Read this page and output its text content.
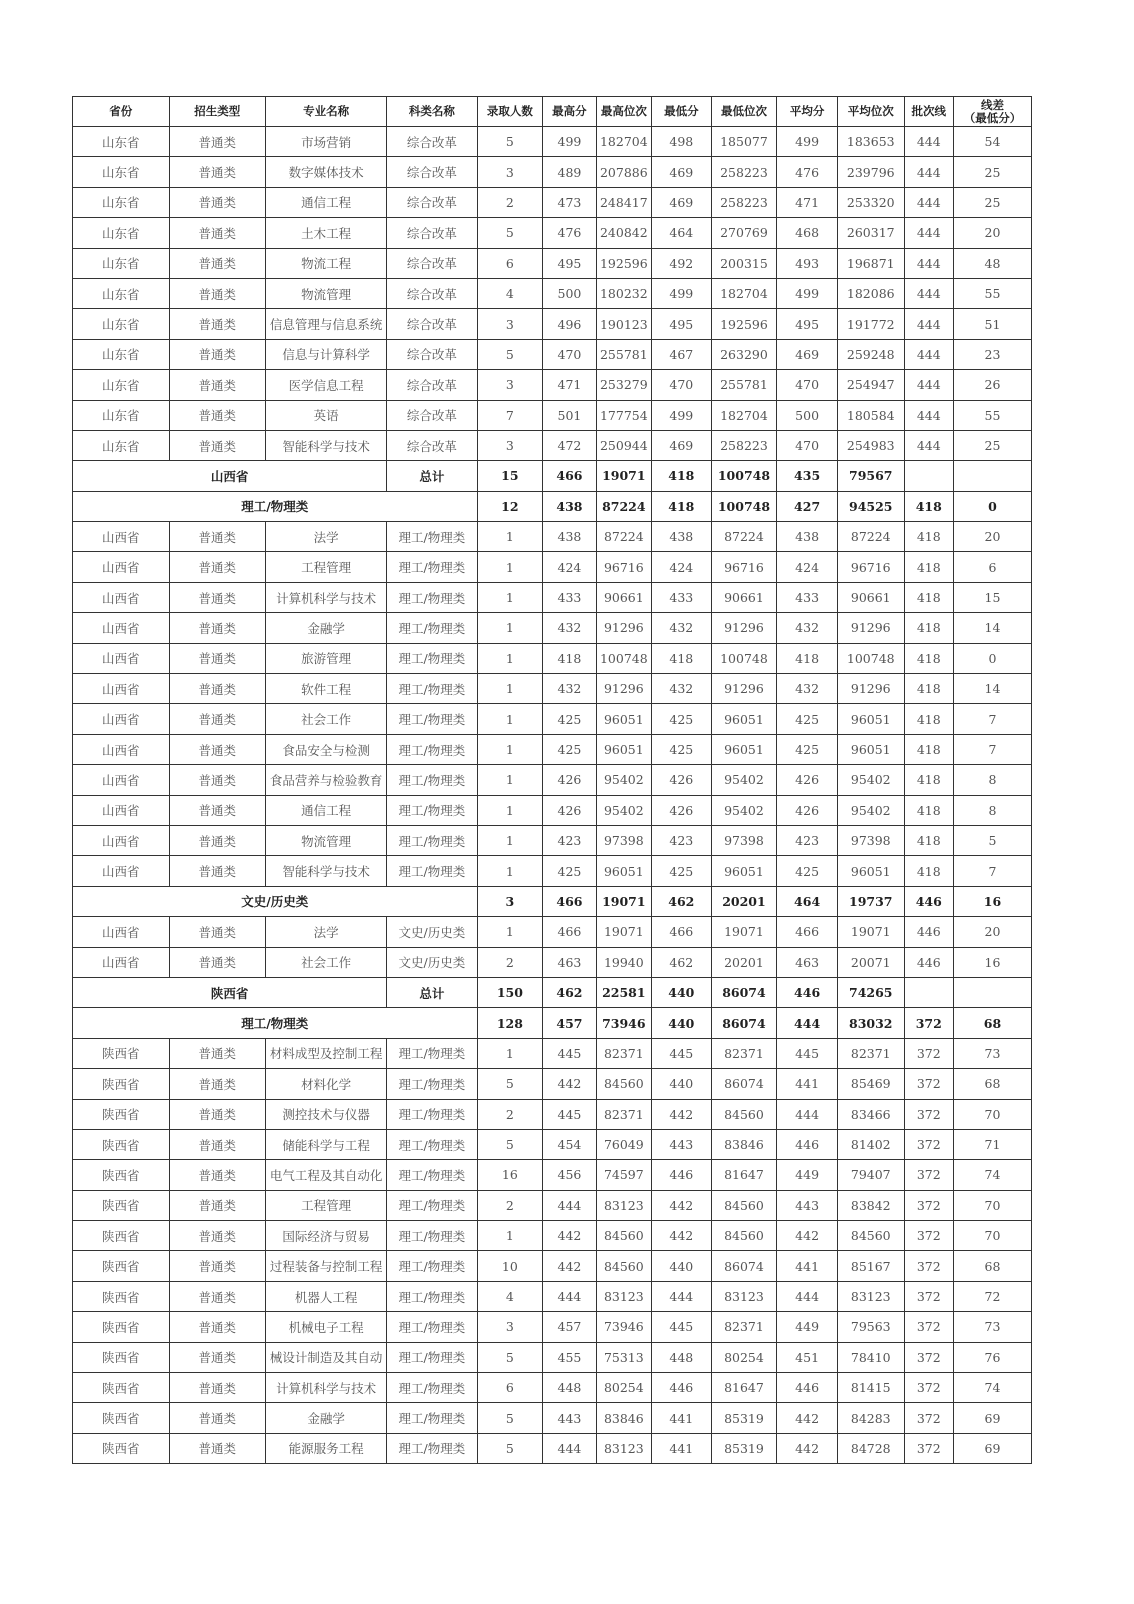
省份	招生类型	专业名称	科类名称	录取人数	最高分	最高位次	最低分	最低位次	平均分	平均位次	批次线	线差
（最低分）
山东省	普通类	市场营销	综合改革	5	499	182704	498	185077	499	183653	444	54
山东省	普通类	数字媒体技术	综合改革	3	489	207886	469	258223	476	239796	444	25
山东省	普通类	通信工程	综合改革	2	473	248417	469	258223	471	253320	444	25
山东省	普通类	土木工程	综合改革	5	476	240842	464	270769	468	260317	444	20
山东省	普通类	物流工程	综合改革	6	495	192596	492	200315	493	196871	444	48
山东省	普通类	物流管理	综合改革	4	500	180232	499	182704	499	182086	444	55
山东省	普通类	信息管理与信息系统	综合改革	3	496	190123	495	192596	495	191772	444	51
山东省	普通类	信息与计算科学	综合改革	5	470	255781	467	263290	469	259248	444	23
山东省	普通类	医学信息工程	综合改革	3	471	253279	470	255781	470	254947	444	26
山东省	普通类	英语	综合改革	7	501	177754	499	182704	500	180584	444	55
山东省	普通类	智能科学与技术	综合改革	3	472	250944	469	258223	470	254983	444	25
山西省			总计	15	466	19071	418	100748	435	79567		
理工/物理类				12	438	87224	418	100748	427	94525	418	0
山西省	普通类	法学	理工/物理类	1	438	87224	438	87224	438	87224	418	20
山西省	普通类	工程管理	理工/物理类	1	424	96716	424	96716	424	96716	418	6
山西省	普通类	计算机科学与技术	理工/物理类	1	433	90661	433	90661	433	90661	418	15
山西省	普通类	金融学	理工/物理类	1	432	91296	432	91296	432	91296	418	14
山西省	普通类	旅游管理	理工/物理类	1	418	100748	418	100748	418	100748	418	0
山西省	普通类	软件工程	理工/物理类	1	432	91296	432	91296	432	91296	418	14
山西省	普通类	社会工作	理工/物理类	1	425	96051	425	96051	425	96051	418	7
山西省	普通类	食品安全与检测	理工/物理类	1	425	96051	425	96051	425	96051	418	7
山西省	普通类	食品营养与检验教育	理工/物理类	1	426	95402	426	95402	426	95402	418	8
山西省	普通类	通信工程	理工/物理类	1	426	95402	426	95402	426	95402	418	8
山西省	普通类	物流管理	理工/物理类	1	423	97398	423	97398	423	97398	418	5
山西省	普通类	智能科学与技术	理工/物理类	1	425	96051	425	96051	425	96051	418	7
文史/历史类				3	466	19071	462	20201	464	19737	446	16
山西省	普通类	法学	文史/历史类	1	466	19071	466	19071	466	19071	446	20
山西省	普通类	社会工作	文史/历史类	2	463	19940	462	20201	463	20071	446	16
陕西省			总计	150	462	22581	440	86074	446	74265		
理工/物理类				128	457	73946	440	86074	444	83032	372	68
陕西省	普通类	材料成型及控制工程	理工/物理类	1	445	82371	445	82371	445	82371	372	73
陕西省	普通类	材料化学	理工/物理类	5	442	84560	440	86074	441	85469	372	68
陕西省	普通类	测控技术与仪器	理工/物理类	2	445	82371	442	84560	444	83466	372	70
陕西省	普通类	储能科学与工程	理工/物理类	5	454	76049	443	83846	446	81402	372	71
陕西省	普通类	电气工程及其自动化	理工/物理类	16	456	74597	446	81647	449	79407	372	74
陕西省	普通类	工程管理	理工/物理类	2	444	83123	442	84560	443	83842	372	70
陕西省	普通类	国际经济与贸易	理工/物理类	1	442	84560	442	84560	442	84560	372	70
陕西省	普通类	过程装备与控制工程	理工/物理类	10	442	84560	440	86074	441	85167	372	68
陕西省	普通类	机器人工程	理工/物理类	4	444	83123	444	83123	444	83123	372	72
陕西省	普通类	机械电子工程	理工/物理类	3	457	73946	445	82371	449	79563	372	73
陕西省	普通类	械设计制造及其自动	理工/物理类	5	455	75313	448	80254	451	78410	372	76
陕西省	普通类	计算机科学与技术	理工/物理类	6	448	80254	446	81647	446	81415	372	74
陕西省	普通类	金融学	理工/物理类	5	443	83846	441	85319	442	84283	372	69
陕西省	普通类	能源服务工程	理工/物理类	5	444	83123	441	85319	442	84728	372	69
